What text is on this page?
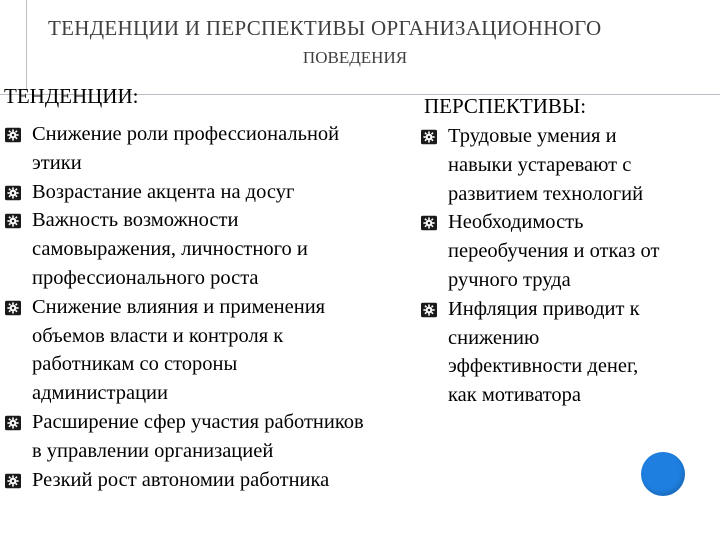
ТЕНДЕНЦИИ И ПЕРСПЕКТИВЫ ОРГАНИЗАЦИОННОГО
ПОВЕДЕНИЯ
ТЕНДЕНЦИИ:	ПЕРСПЕКТИВЫ:
Снижение роли профессиональной
этики
Возрастание акцента на досуг
Важность возможности
самовыражения, личностного и
профессионального роста
Снижение влияния и применения
объемов власти и контроля к
работникам со стороны
администрации
Расширение сфер участия работников
в управлении организацией
Резкий рост автономии работника
Трудовые умения и
навыки устаревают с
развитием технологий
Необходимость
переобучения и отказ от
ручного труда
Инфляция приводит к
снижению
эффективности денег,
как мотиватора
